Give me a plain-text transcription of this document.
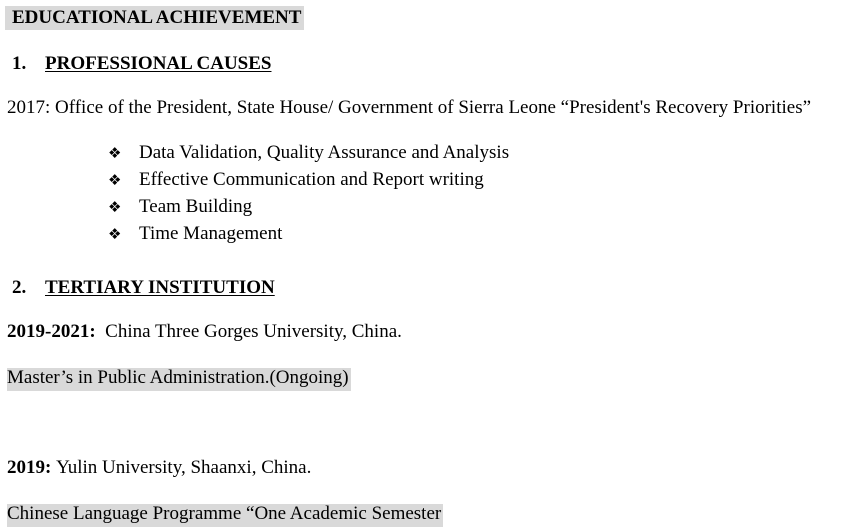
EDUCATIONAL ACHIEVEMENT
1. PROFESSIONAL CAUSES
2017: Office of the President, State House/ Government of Sierra Leone “President's Recovery Priorities”
❖ Data Validation, Quality Assurance and Analysis
❖ Effective Communication and Report writing
❖ Team Building
❖ Time Management
2. TERTIARY INSTITUTION
2019-2021: China Three Gorges University, China.
Master’s in Public Administration.(Ongoing)
2019: Yulin University, Shaanxi, China.
Chinese Language Programme “One Academic Semester
